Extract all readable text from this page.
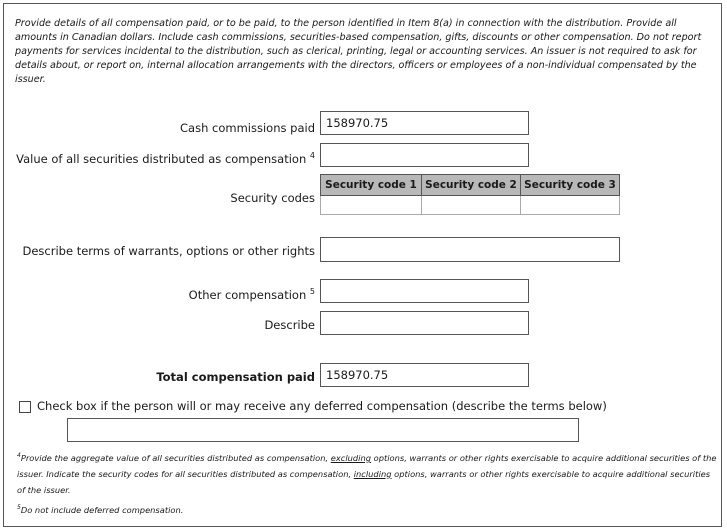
Provide details of all compensation paid, or to be paid, to the person identified in Item 8(a) in connection with the distribution. Provide all amounts in Canadian dollars. Include cash commissions, securities-based compensation, gifts, discounts or other compensation. Do not report payments for services incidental to the distribution, such as clerical, printing, legal or accounting services. An issuer is not required to ask for details about, or report on, internal allocation arrangements with the directors, officers or employees of a non-individual compensated by the issuer.

Cash commissions paid
158970.75
Value of all securities distributed as compensation $^4$
Security codes
Security code 1	Security code 2	Security code 3

Describe terms of warrants, options or other rights
Other compensation $^5$
Describe
Total compensation paid
158970.75
Check box if the person will or may receive any deferred compensation (describe the terms below)

$^4$Provide the aggregate value of all securities distributed as compensation, excluding options, warrants or other rights exercisable to acquire additional securities of the issuer. Indicate the security codes for all securities distributed as compensation, including options, warrants or other rights exercisable to acquire additional securities of the issuer.

$^5$Do not include deferred compensation.
